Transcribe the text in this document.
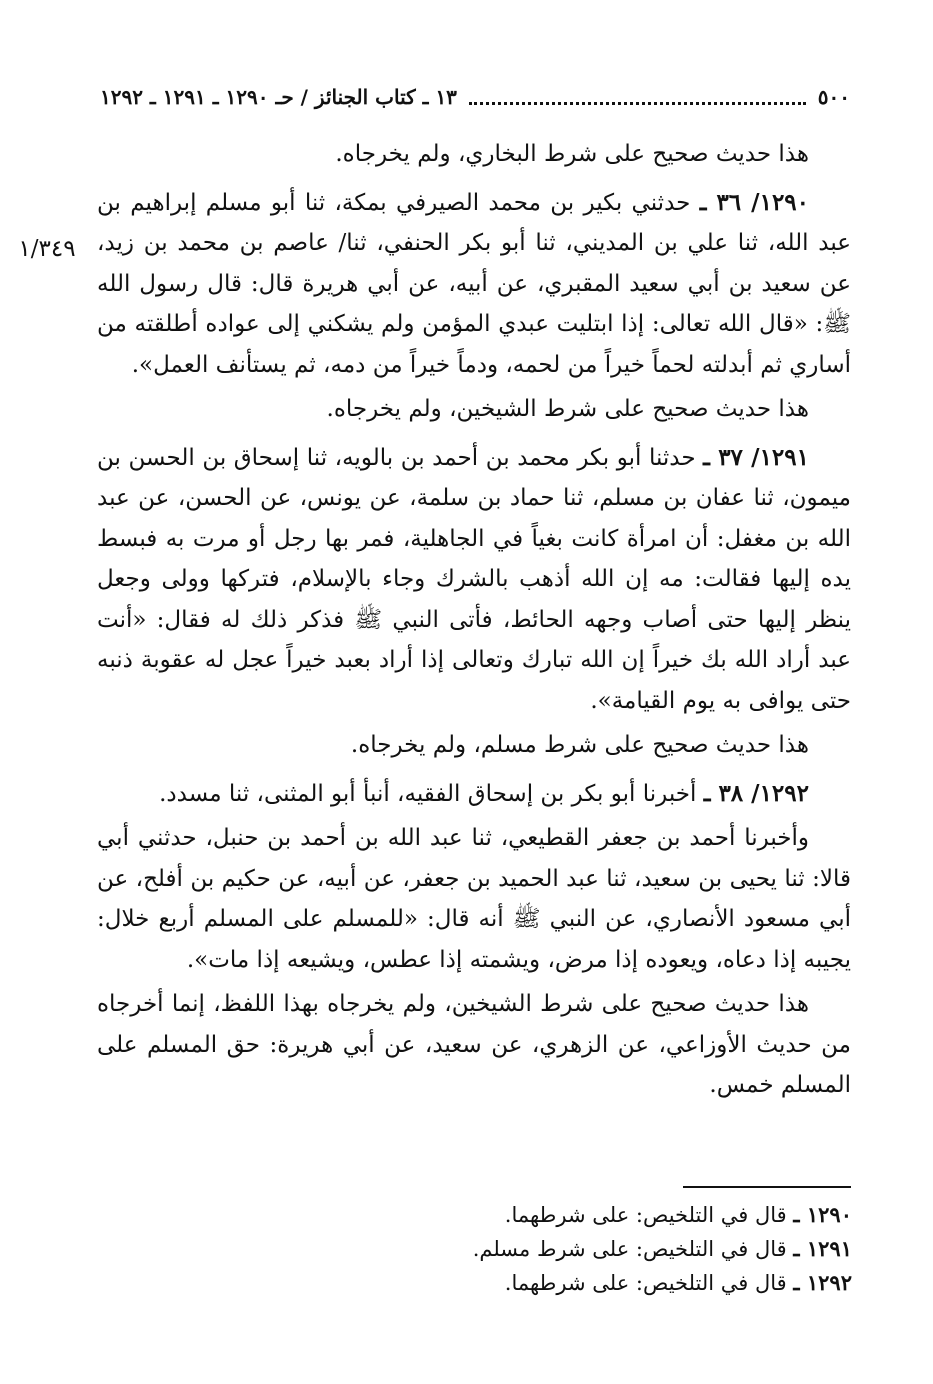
٥٠٠
١٣ ـ كتاب الجنائز / حـ ١٢٩٠ ـ ١٢٩١ ـ ١٢٩٢
١/٣٤٩

هذا حديث صحيح على شرط البخاري، ولم يخرجاه.

١٢٩٠/ ٣٦ ـ حدثني بكير بن محمد الصيرفي بمكة، ثنا أبو مسلم إبراهيم بن عبد الله، ثنا علي بن المديني، ثنا أبو بكر الحنفي، ثنا/ عاصم بن محمد بن زيد، عن سعيد بن أبي سعيد المقبري، عن أبيه، عن أبي هريرة قال: قال رسول الله ﷺ: «قال الله تعالى: إذا ابتليت عبدي المؤمن ولم يشكني إلى عواده أطلقته من أساري ثم أبدلته لحماً خيراً من لحمه، ودماً خيراً من دمه، ثم يستأنف العمل».

هذا حديث صحيح على شرط الشيخين، ولم يخرجاه.

١٢٩١/ ٣٧ ـ حدثنا أبو بكر محمد بن أحمد بن بالويه، ثنا إسحاق بن الحسن بن ميمون، ثنا عفان بن مسلم، ثنا حماد بن سلمة، عن يونس، عن الحسن، عن عبد الله بن مغفل: أن امرأة كانت بغياً في الجاهلية، فمر بها رجل أو مرت به فبسط يده إليها فقالت: مه إن الله أذهب بالشرك وجاء بالإسلام، فتركها وولى وجعل ينظر إليها حتى أصاب وجهه الحائط، فأتى النبي ﷺ فذكر ذلك له فقال: «أنت عبد أراد الله بك خيراً إن الله تبارك وتعالى إذا أراد بعبد خيراً عجل له عقوبة ذنبه حتى يوافى به يوم القيامة».

هذا حديث صحيح على شرط مسلم، ولم يخرجاه.

١٢٩٢/ ٣٨ ـ أخبرنا أبو بكر بن إسحاق الفقيه، أنبأ أبو المثنى، ثنا مسدد.

وأخبرنا أحمد بن جعفر القطيعي، ثنا عبد الله بن أحمد بن حنبل، حدثني أبي قالا: ثنا يحيى بن سعيد، ثنا عبد الحميد بن جعفر، عن أبيه، عن حكيم بن أفلح، عن أبي مسعود الأنصاري، عن النبي ﷺ أنه قال: «للمسلم على المسلم أربع خلال: يجيبه إذا دعاه، ويعوده إذا مرض، ويشمته إذا عطس، ويشيعه إذا مات».

هذا حديث صحيح على شرط الشيخين، ولم يخرجاه بهذا اللفظ، إنما أخرجاه من حديث الأوزاعي، عن الزهري، عن سعيد، عن أبي هريرة: حق المسلم على المسلم خمس.

١٢٩٠ ـ قال في التلخيص: على شرطهما.

١٢٩١ ـ قال في التلخيص: على شرط مسلم.

١٢٩٢ ـ قال في التلخيص: على شرطهما.
